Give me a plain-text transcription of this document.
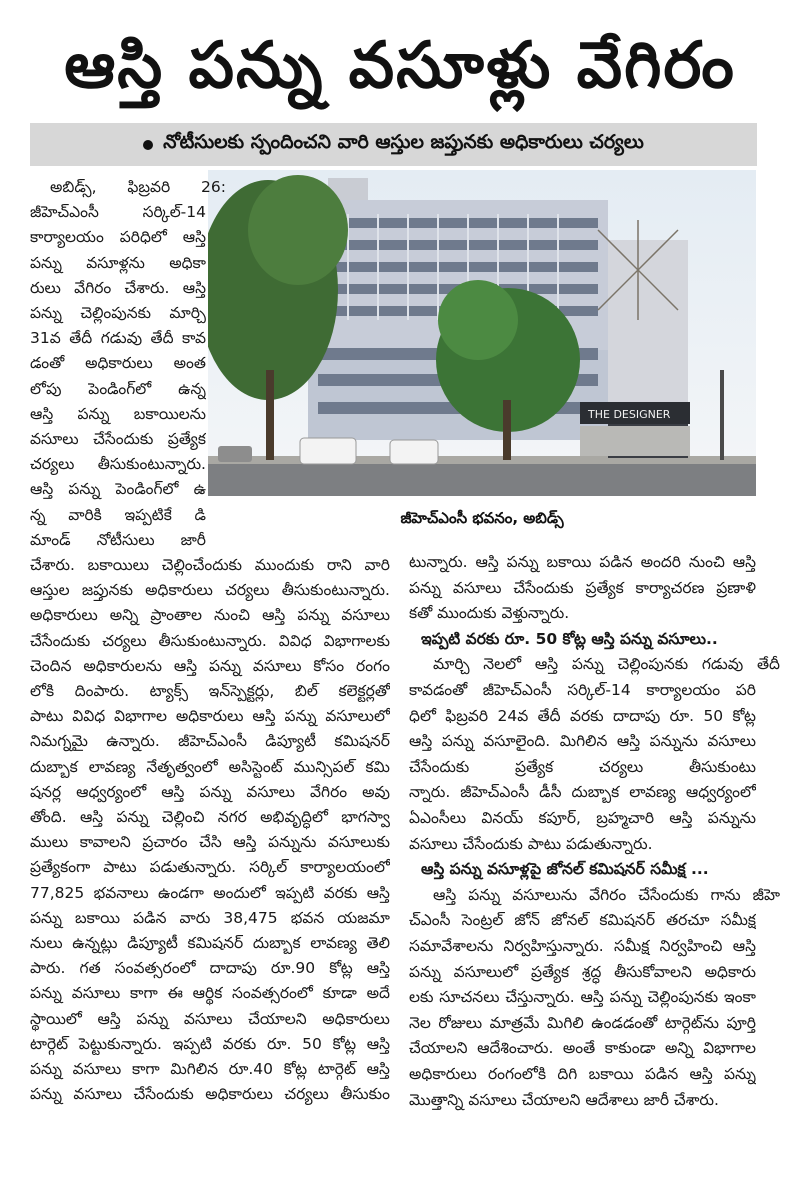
ఆస్తి పన్ను వసూళ్లు వేగిరం
నోటీసులకు స్పందించని వారి ఆస్తుల జప్తునకు అధికారులు చర్యలు
THE DESIGNER
జీహెచ్‌ఎంసీ భవనం, అబిడ్స్
అబిడ్స్, ఫిబ్రవరి 26:
జీహెచ్‌ఎంసీ	సర్కిల్-14
కార్యాలయం పరిధిలో ఆస్తి
పన్ను వసూళ్లను అధికా
రులు వేగిరం చేశారు. ఆస్తి
పన్ను చెల్లింపునకు మార్చి
31వ తేదీ గడువు తేదీ కావ
డంతో అధికారులు అంత
లోపు పెండింగ్‌లో ఉన్న
ఆస్తి పన్ను బకాయిలను
వసూలు చేసేందుకు ప్రత్యేక
చర్యలు తీసుకుంటున్నారు.
ఆస్తి పన్ను పెండింగ్‌లో ఉ
న్న వారికి ఇప్పటికే డి
మాండ్ నోటీసులు జారీ
చేశారు. బకాయిలు చెల్లించేందుకు ముందుకు రాని వారి
ఆస్తుల జప్తునకు అధికారులు చర్యలు తీసుకుంటున్నారు.
అధికారులు అన్ని ప్రాంతాల నుంచి ఆస్తి పన్ను వసూలు
చేసేందుకు చర్యలు తీసుకుంటున్నారు. వివిధ విభాగాలకు
చెందిన అధికారులను ఆస్తి పన్ను వసూలు కోసం రంగం
లోకి దింపారు. ట్యాక్స్ ఇన్‌స్పెక్టర్లు, బిల్ కలెక్టర్లతో
పాటు వివిధ విభాగాల అధికారులు ఆస్తి పన్ను వసూలులో
నిమగ్నమై ఉన్నారు. జీహెచ్‌ఎంసీ డిప్యూటీ కమిషనర్
దుబ్బాక లావణ్య నేతృత్వంలో అసిస్టెంట్ మున్సిపల్ కమి
షనర్ల ఆధ్వర్యంలో ఆస్తి పన్ను వసూలు వేగిరం అవు
తోంది. ఆస్తి పన్ను చెల్లించి నగర అభివృద్ధిలో భాగస్వా
ములు కావాలని ప్రచారం చేసి ఆస్తి పన్నును వసూలుకు
ప్రత్యేకంగా పాటు పడుతున్నారు. సర్కిల్ కార్యాలయంలో
77,825 భవనాలు ఉండగా అందులో ఇప్పటి వరకు ఆస్తి
పన్ను బకాయి పడిన వారు 38,475 భవన యజమా
నులు ఉన్నట్లు డిప్యూటీ కమిషనర్ దుబ్బాక లావణ్య తెలి
పారు. గత సంవత్సరంలో దాదాపు రూ.90 కోట్ల ఆస్తి
పన్ను వసూలు కాగా ఈ ఆర్థిక సంవత్సరంలో కూడా అదే
స్థాయిలో ఆస్తి పన్ను వసూలు చేయాలని అధికారులు
టార్గెట్ పెట్టుకున్నారు. ఇప్పటి వరకు రూ. 50 కోట్ల ఆస్తి
పన్ను వసూలు కాగా మిగిలిన రూ.40 కోట్ల టార్గెట్ ఆస్తి
పన్ను వసూలు చేసేందుకు అధికారులు చర్యలు తీసుకుం
టున్నారు. ఆస్తి పన్ను బకాయి పడిన అందరి నుంచి ఆస్తి
పన్ను వసూలు చేసేందుకు ప్రత్యేక కార్యాచరణ ప్రణాళి
కతో ముందుకు వెళ్తున్నారు.
ఇప్పటి వరకు రూ. 50 కోట్ల ఆస్తి పన్ను వసూలు..
మార్చి నెలలో ఆస్తి పన్ను చెల్లింపునకు గడువు తేదీ
కావడంతో జీహెచ్‌ఎంసీ సర్కిల్-14 కార్యాలయం పరి
ధిలో ఫిబ్రవరి 24వ తేదీ వరకు దాదాపు రూ. 50 కోట్ల
ఆస్తి పన్ను వసూలైంది. మిగిలిన ఆస్తి పన్నును వసూలు
చేసేందుకు	ప్రత్యేక	చర్యలు	తీసుకుంటు
న్నారు. జీహెచ్‌ఎంసీ డీసీ దుబ్బాక లావణ్య ఆధ్వర్యంలో
ఏఎంసీలు వినయ్ కపూర్, బ్రహ్మచారి ఆస్తి పన్నును
వసూలు చేసేందుకు పాటు పడుతున్నారు.
ఆస్తి పన్ను వసూళ్లపై జోనల్ కమిషనర్ సమీక్ష ...
ఆస్తి పన్ను వసూలును వేగిరం చేసేందుకు గాను జీహె
చ్‌ఎంసీ సెంట్రల్ జోన్ జోనల్ కమిషనర్ తరచూ సమీక్ష
సమావేశాలను నిర్వహిస్తున్నారు. సమీక్ష నిర్వహించి ఆస్తి
పన్ను వసూలులో ప్రత్యేక శ్రద్ధ తీసుకోవాలని అధికారు
లకు సూచనలు చేస్తున్నారు. ఆస్తి పన్ను చెల్లింపునకు ఇంకా
నెల రోజులు మాత్రమే మిగిలి ఉండడంతో టార్గెట్‌ను పూర్తి
చేయాలని ఆదేశించారు. అంతే కాకుండా అన్ని విభాగాల
అధికారులు రంగంలోకి దిగి బకాయి పడిన ఆస్తి పన్ను
మొత్తాన్ని వసూలు చేయాలని ఆదేశాలు జారీ చేశారు.
